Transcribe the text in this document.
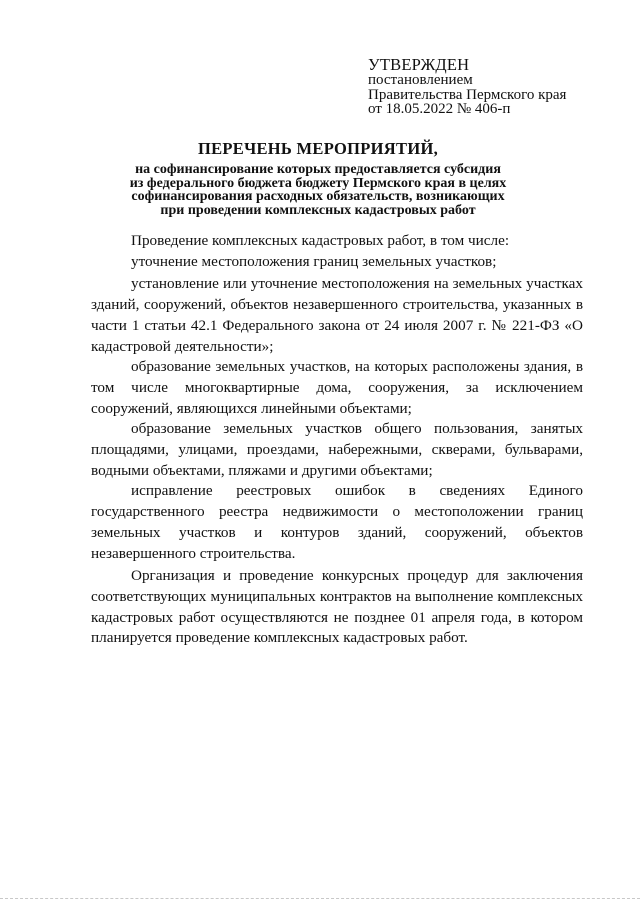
УТВЕРЖДЕН
постановлением
Правительства Пермского края
от 18.05.2022 № 406-п
ПЕРЕЧЕНЬ МЕРОПРИЯТИЙ,
на софинансирование которых предоставляется субсидия
из федерального бюджета бюджету Пермского края в целях
софинансирования расходных обязательств, возникающих
при проведении комплексных кадастровых работ

Проведение комплексных кадастровых работ, в том числе:

уточнение местоположения границ земельных участков;

установление или уточнение местоположения на земельных участках зданий, сооружений, объектов незавершенного строительства, указанных в части 1 статьи 42.1 Федерального закона от 24 июля 2007 г. № 221-ФЗ «О кадастровой деятельности»;

образование земельных участков, на которых расположены здания, в том числе многоквартирные дома, сооружения, за исключением сооружений, являющихся линейными объектами;

образование земельных участков общего пользования, занятых площадями, улицами, проездами, набережными, скверами, бульварами, водными объектами, пляжами и другими объектами;

исправление реестровых ошибок в сведениях Единого государственного реестра недвижимости о местоположении границ земельных участков и контуров зданий, сооружений, объектов незавершенного строительства.

Организация и проведение конкурсных процедур для заключения соответствующих муниципальных контрактов на выполнение комплексных кадастровых работ осуществляются не позднее 01 апреля года, в котором планируется проведение комплексных кадастровых работ.
